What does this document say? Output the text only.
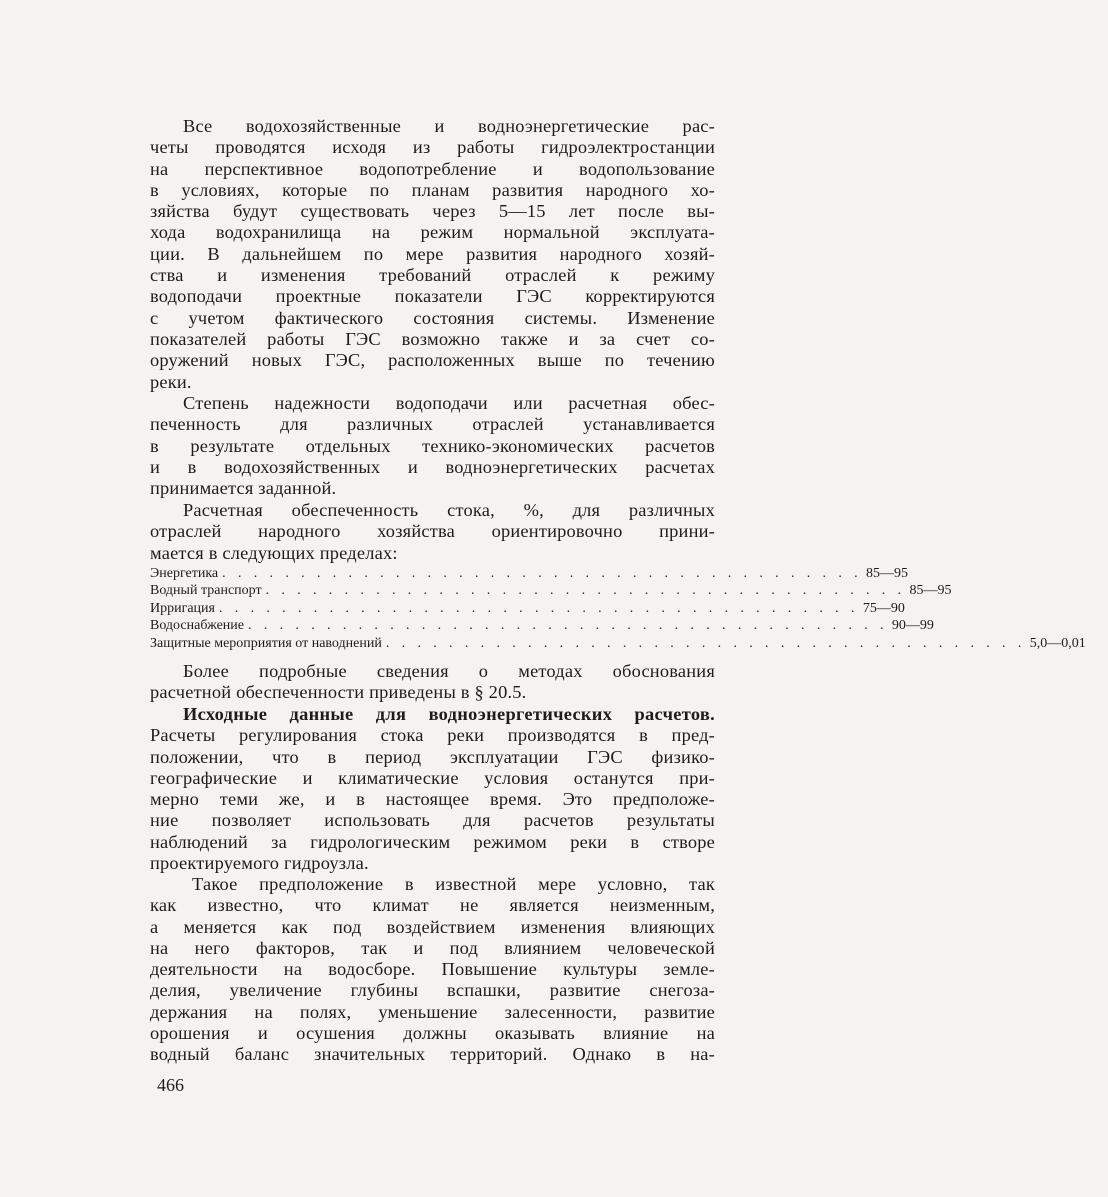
Все водохозяйственные и водноэнергетические рас-
четы проводятся исходя из работы гидроэлектростанции
на перспективное водопотребление и водопользование
в условиях, которые по планам развития народного хо-
зяйства будут существовать через 5—15 лет после вы-
хода водохранилища на режим нормальной эксплуата-
ции. В дальнейшем по мере развития народного хозяй-
ства и изменения требований отраслей к режиму
водоподачи проектные показатели ГЭС корректируются
с учетом фактического состояния системы. Изменение
показателей работы ГЭС возможно также и за счет со-
оружений новых ГЭС, расположенных выше по течению
реки.
Степень надежности водоподачи или расчетная обес-
печенность для различных отраслей устанавливается
в результате отдельных технико-экономических расчетов
и в водохозяйственных и водноэнергетических расчетах
принимается заданной.
Расчетная обеспеченность стока, %, для различных
отраслей народного хозяйства ориентировочно прини-
мается в следующих пределах:
Энергетика . . . . . . . . . . . . . . . . . . . . . . . . . . . . . . . . . . . . . . . . . 85—95
Водный транспорт . . . . . . . . . . . . . . . . . . . . . . . . . . . . . . . . . . . . . . . . . 85—95
Ирригация . . . . . . . . . . . . . . . . . . . . . . . . . . . . . . . . . . . . . . . . . 75—90
Водоснабжение . . . . . . . . . . . . . . . . . . . . . . . . . . . . . . . . . . . . . . . . . 90—99
Защитные мероприятия от наводнений . . . . . . . . . . . . . . . . . . . . . . . . . . . . . . . . . . . . . . . . . 5,0—0,01
Более подробные сведения о методах обоснования
расчетной обеспеченности приведены в § 20.5.
Исходные данные для водноэнергетических расчетов.
Расчеты регулирования стока реки производятся в пред-
положении, что в период эксплуатации ГЭС физико-
географические и климатические условия останутся при-
мерно теми же, и в настоящее время. Это предположе-
ние позволяет использовать для расчетов результаты
наблюдений за гидрологическим режимом реки в створе
проектируемого гидроузла.
Такое предположение в известной мере условно, так
как известно, что климат не является неизменным,
а меняется как под воздействием изменения влияющих
на него факторов, так и под влиянием человеческой
деятельности на водосборе. Повышение культуры земле-
делия, увеличение глубины вспашки, развитие снегоза-
держания на полях, уменьшение залесенности, развитие
орошения и осушения должны оказывать влияние на
водный баланс значительных территорий. Однако в на-
466
